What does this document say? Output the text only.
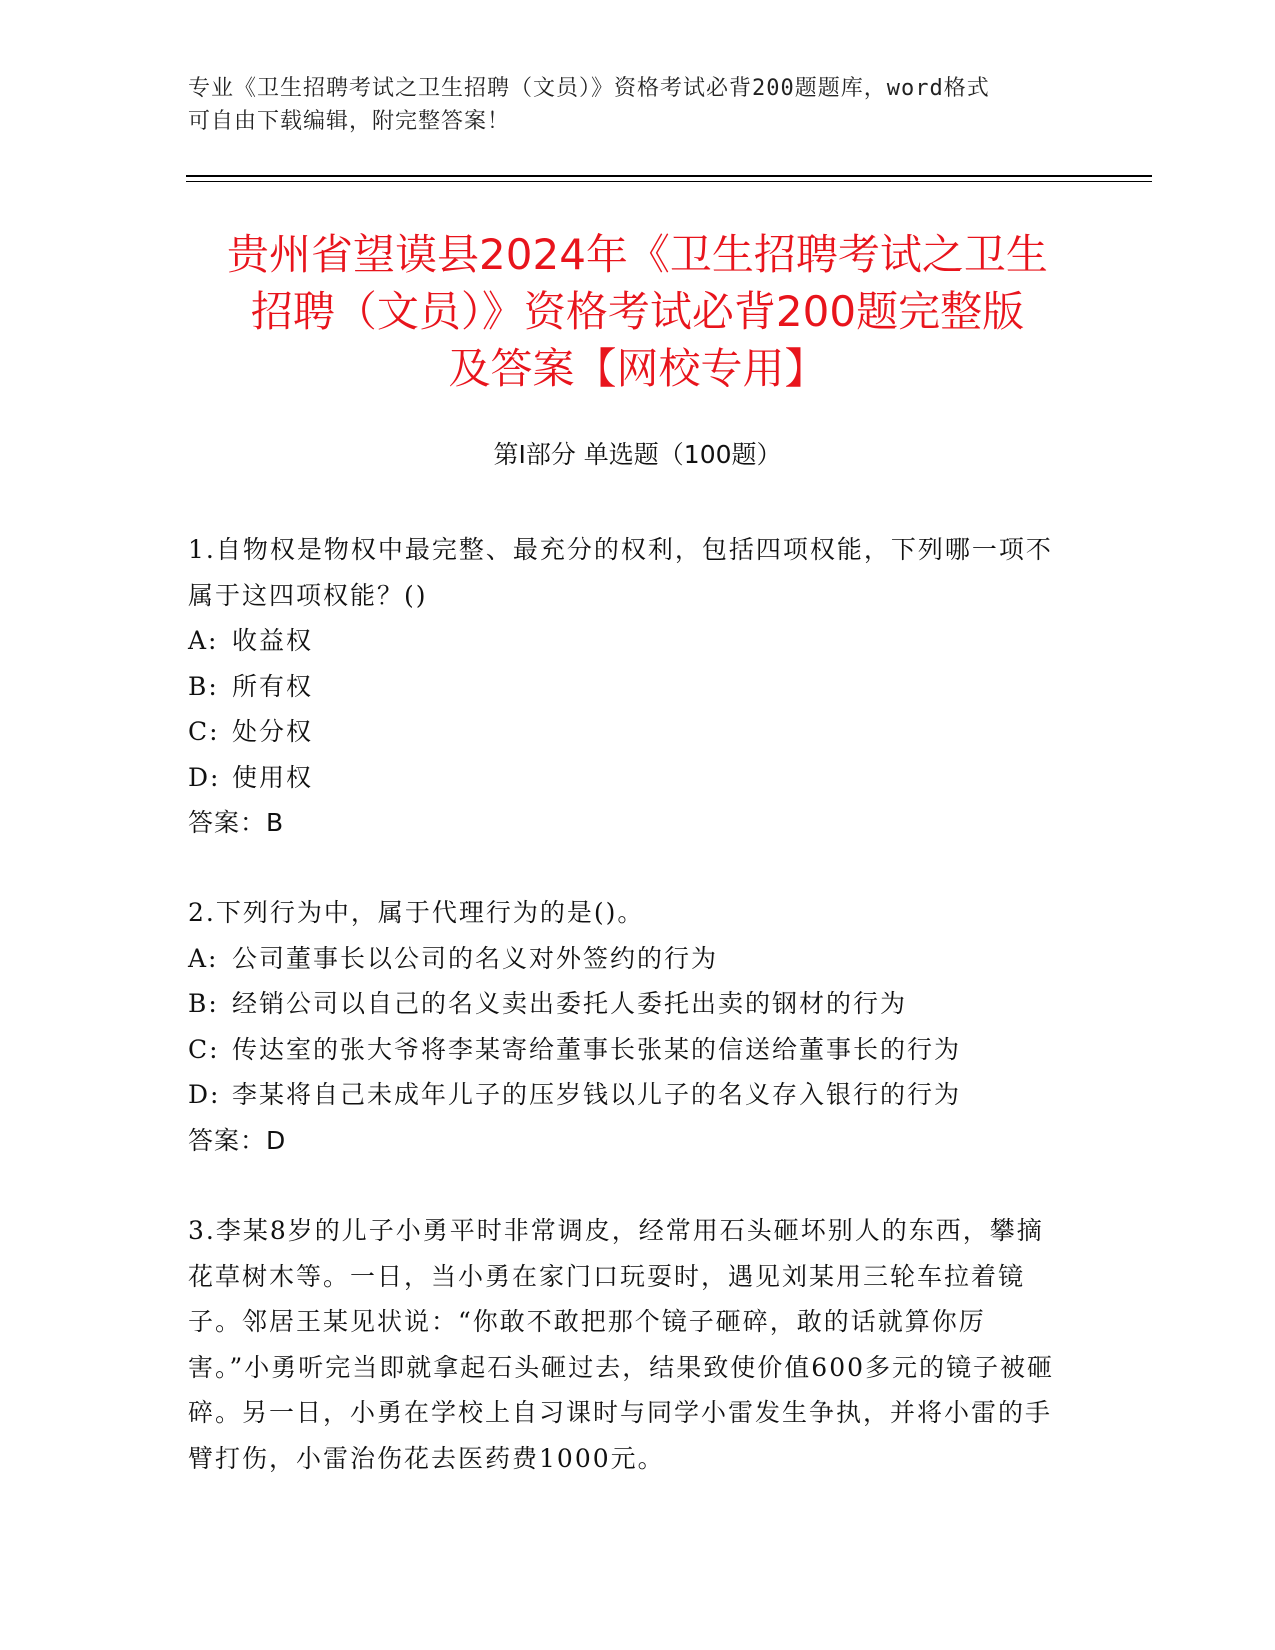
专业《卫生招聘考试之卫生招聘（文员）》资格考试必背200题题库，word格式
可自由下载编辑，附完整答案！
贵州省望谟县2024年《卫生招聘考试之卫生
招聘（文员）》资格考试必背200题完整版
及答案【网校专用】
第Ⅰ部分 单选题（100题）
1.自物权是物权中最完整、最充分的权利，包括四项权能，下列哪一项不属于这四项权能？()
A: 收益权
B: 所有权
C: 处分权
D: 使用权
答案：B
2.下列行为中，属于代理行为的是()。
A: 公司董事长以公司的名义对外签约的行为
B: 经销公司以自己的名义卖出委托人委托出卖的钢材的行为
C: 传达室的张大爷将李某寄给董事长张某的信送给董事长的行为
D: 李某将自己未成年儿子的压岁钱以儿子的名义存入银行的行为
答案：D
3.李某8岁的儿子小勇平时非常调皮，经常用石头砸坏别人的东西，攀摘花草树木等。一日，当小勇在家门口玩耍时，遇见刘某用三轮车拉着镜子。邻居王某见状说：“你敢不敢把那个镜子砸碎，敢的话就算你厉害。”小勇听完当即就拿起石头砸过去，结果致使价值600多元的镜子被砸碎。另一日，小勇在学校上自习课时与同学小雷发生争执，并将小雷的手臂打伤，小雷治伤花去医药费1000元。
